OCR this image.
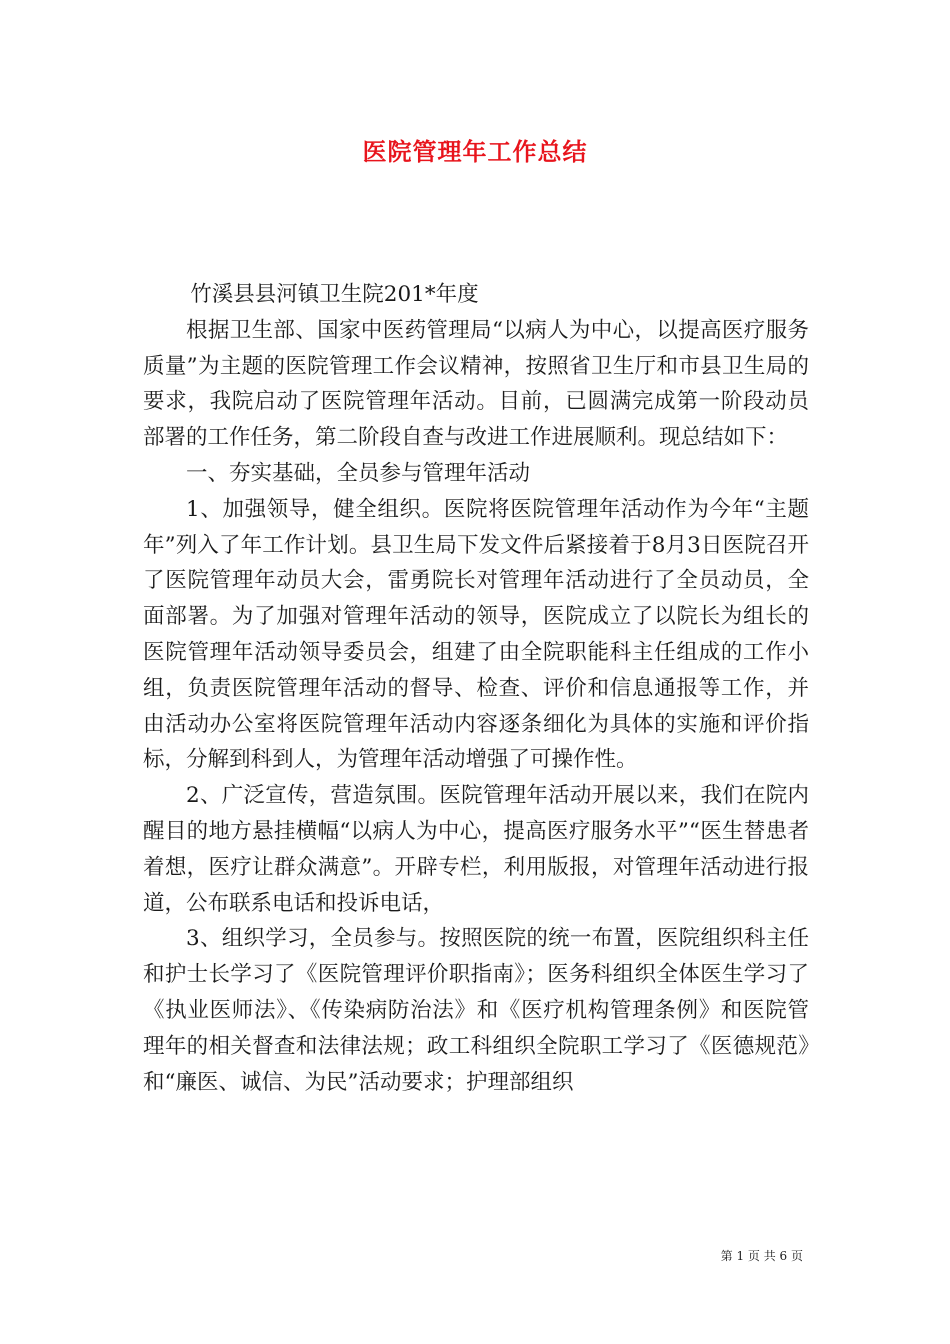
医院管理年工作总结

竹溪县县河镇卫生院201*年度

根据卫生部、国家中医药管理局“以病人为中心，以提高医疗服务质量”为主题的医院管理工作会议精神，按照省卫生厅和市县卫生局的要求，我院启动了医院管理年活动。目前，已圆满完成第一阶段动员部署的工作任务，第二阶段自查与改进工作进展顺利。现总结如下：

一、夯实基础，全员参与管理年活动

1、加强领导，健全组织。医院将医院管理年活动作为今年“主题年”列入了年工作计划。县卫生局下发文件后紧接着于8月3日医院召开了医院管理年动员大会，雷勇院长对管理年活动进行了全员动员，全面部署。为了加强对管理年活动的领导，医院成立了以院长为组长的医院管理年活动领导委员会，组建了由全院职能科主任组成的工作小组，负责医院管理年活动的督导、检查、评价和信息通报等工作，并由活动办公室将医院管理年活动内容逐条细化为具体的实施和评价指标，分解到科到人，为管理年活动增强了可操作性。

2、广泛宣传，营造氛围。医院管理年活动开展以来，我们在院内醒目的地方悬挂横幅“以病人为中心，提高医疗服务水平”“医生替患者着想，医疗让群众满意”。开辟专栏，利用版报，对管理年活动进行报道，公布联系电话和投诉电话，

3、组织学习，全员参与。按照医院的统一布置，医院组织科主任和护士长学习了《医院管理评价职指南》；医务科组织全体医生学习了《执业医师法》、《传染病防治法》和《医疗机构管理条例》和医院管理年的相关督查和法律法规；政工科组织全院职工学习了《医德规范》和“廉医、诚信、为民”活动要求；护理部组织

第 1 页 共 6 页
